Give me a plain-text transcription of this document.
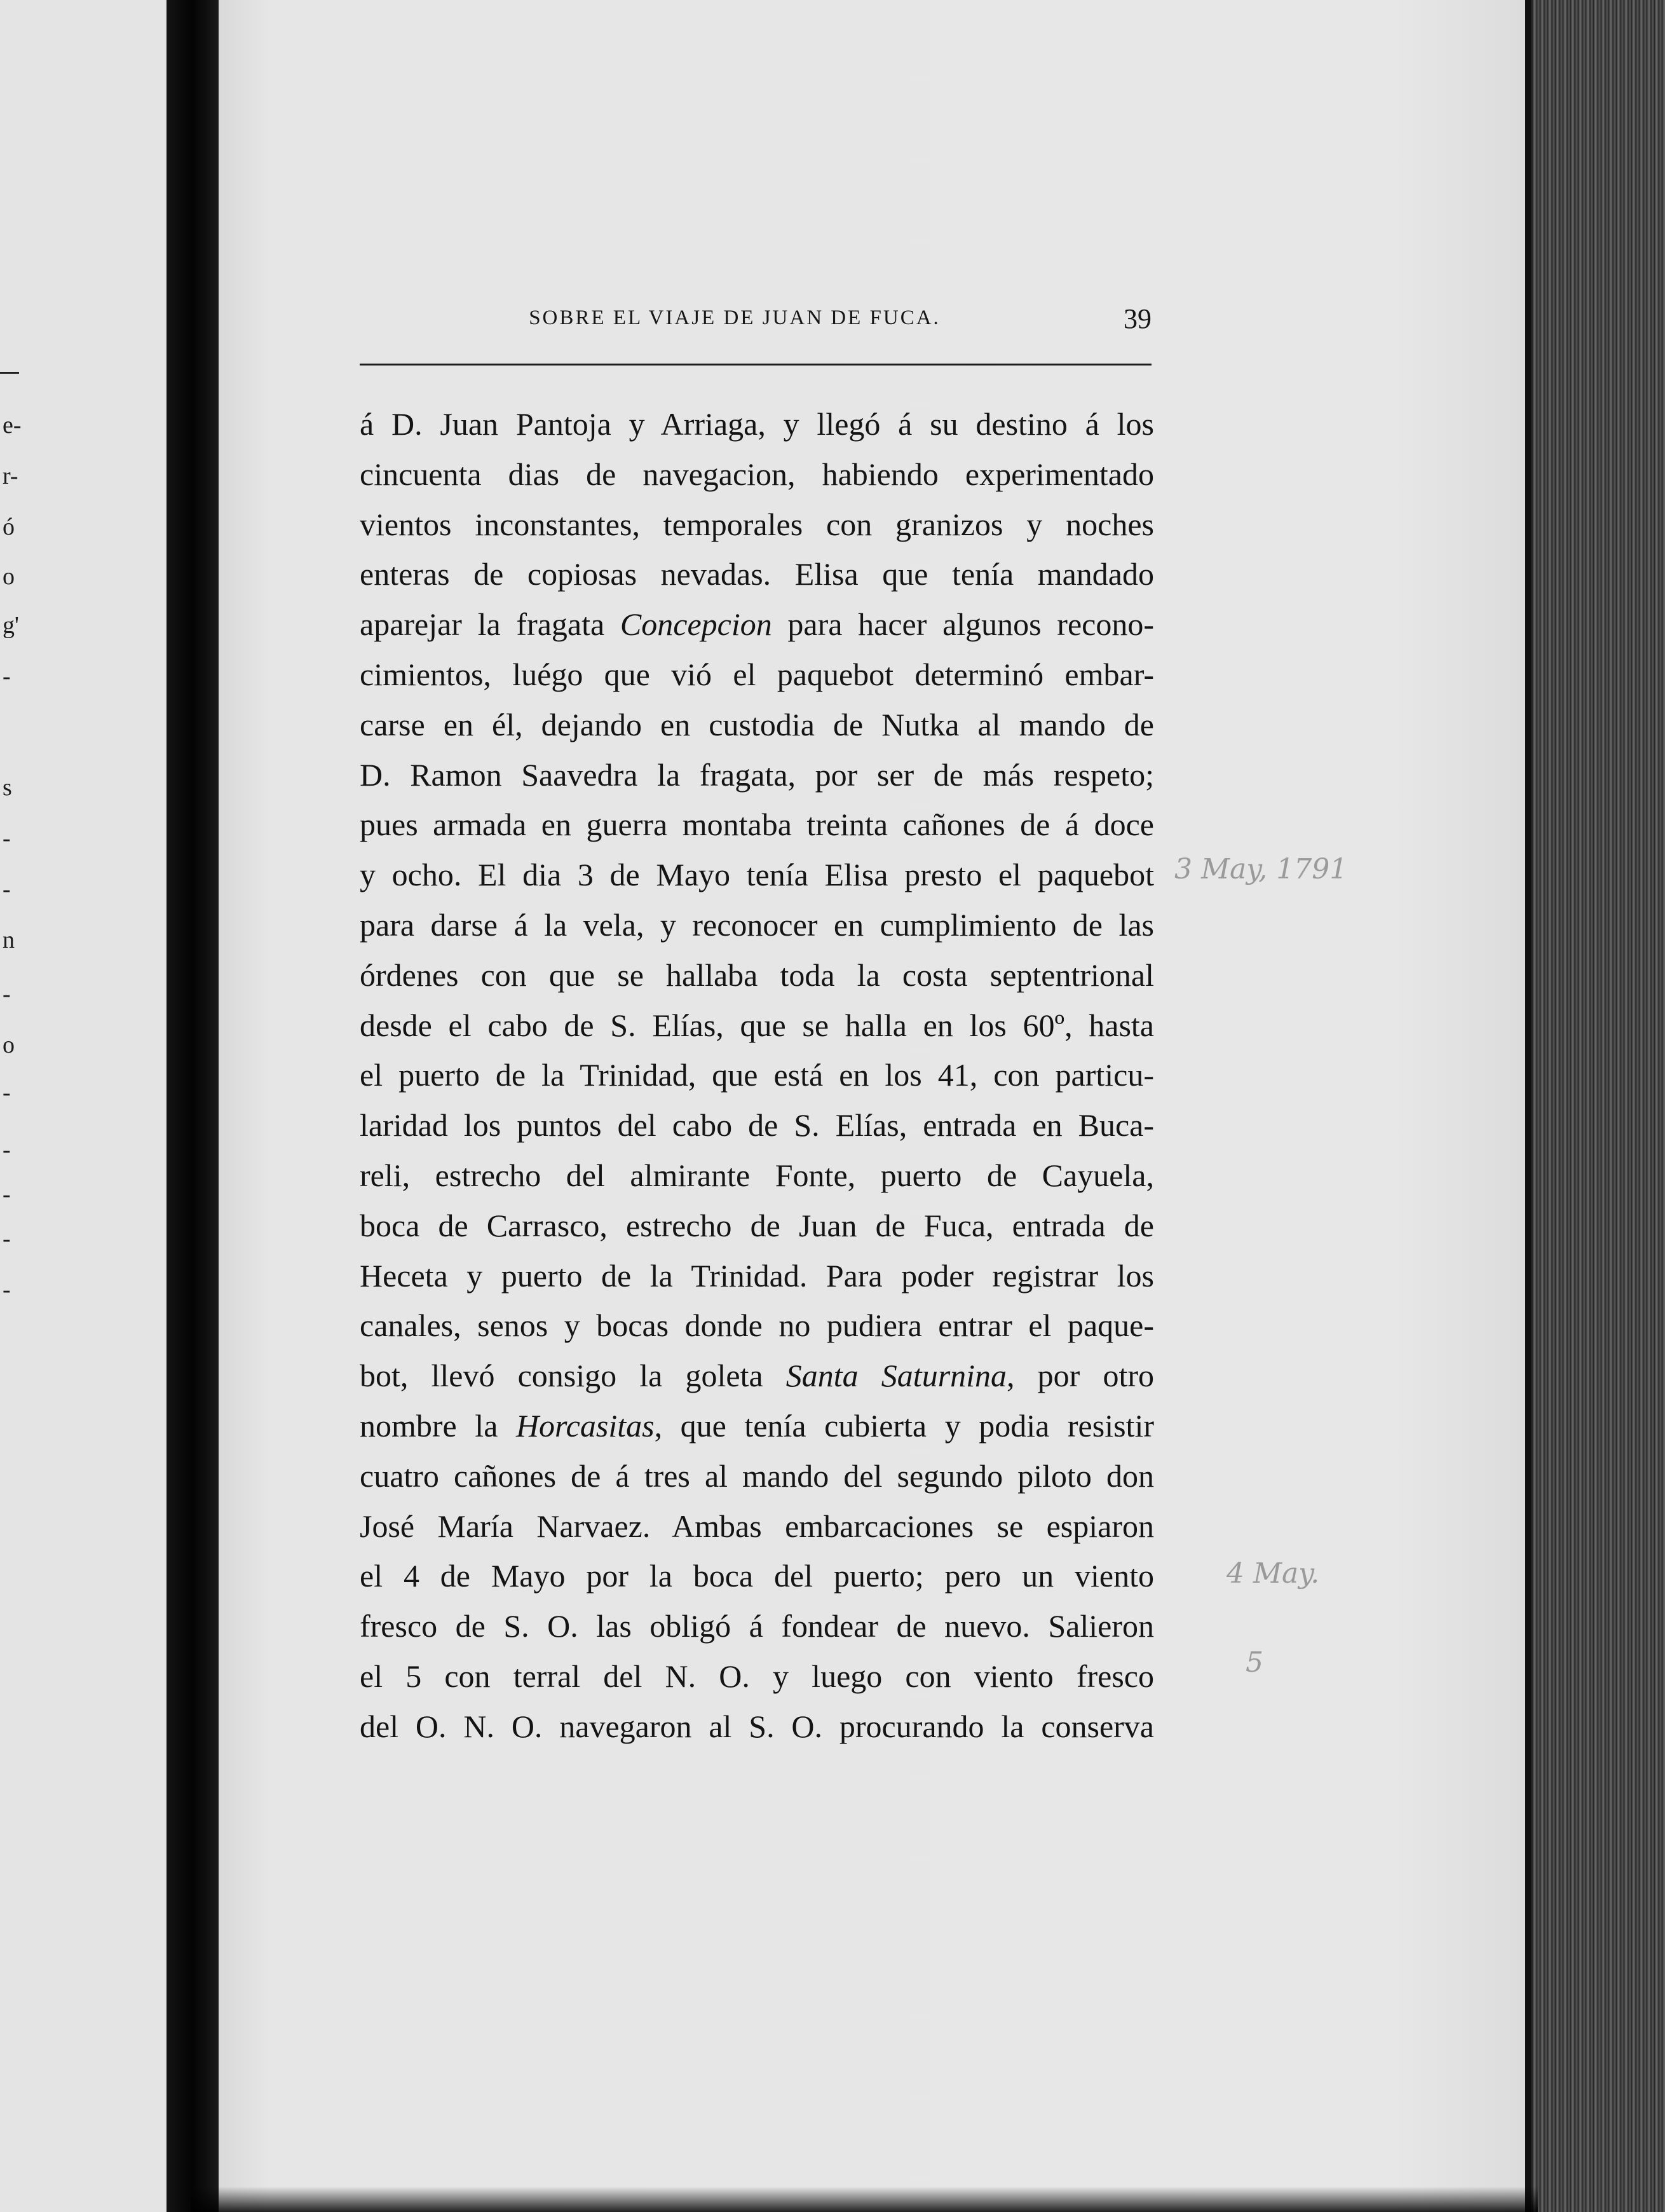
e-
r-
ó
o
g'
-
s
-
-
n
-
o
-
-
-
-
-
SOBRE EL VIAJE DE JUAN DE FUCA.	39
á D. Juan Pantoja y Arriaga, y llegó á su destino á los
cincuenta dias de navegacion, habiendo experimentado
vientos inconstantes, temporales con granizos y noches
enteras de copiosas nevadas. Elisa que tenía mandado
aparejar la fragata Concepcion para hacer algunos recono-
cimientos, luégo que vió el paquebot determinó embar-
carse en él, dejando en custodia de Nutka al mando de
D. Ramon Saavedra la fragata, por ser de más respeto;
pues armada en guerra montaba treinta cañones de á doce
y ocho. El dia 3 de Mayo tenía Elisa presto el paquebot
para darse á la vela, y reconocer en cumplimiento de las
órdenes con que se hallaba toda la costa septentrional
desde el cabo de S. Elías, que se halla en los 60º, hasta
el puerto de la Trinidad, que está en los 41, con particu-
laridad los puntos del cabo de S. Elías, entrada en Buca-
reli, estrecho del almirante Fonte, puerto de Cayuela,
boca de Carrasco, estrecho de Juan de Fuca, entrada de
Heceta y puerto de la Trinidad. Para poder registrar los
canales, senos y bocas donde no pudiera entrar el paque-
bot, llevó consigo la goleta Santa Saturnina, por otro
nombre la Horcasitas, que tenía cubierta y podia resistir
cuatro cañones de á tres al mando del segundo piloto don
José María Narvaez. Ambas embarcaciones se espiaron
el 4 de Mayo por la boca del puerto; pero un viento
fresco de S. O. las obligó á fondear de nuevo. Salieron
el 5 con terral del N. O. y luego con viento fresco
del O. N. O. navegaron al S. O. procurando la conserva
3 May, 1791
4 May.
5
